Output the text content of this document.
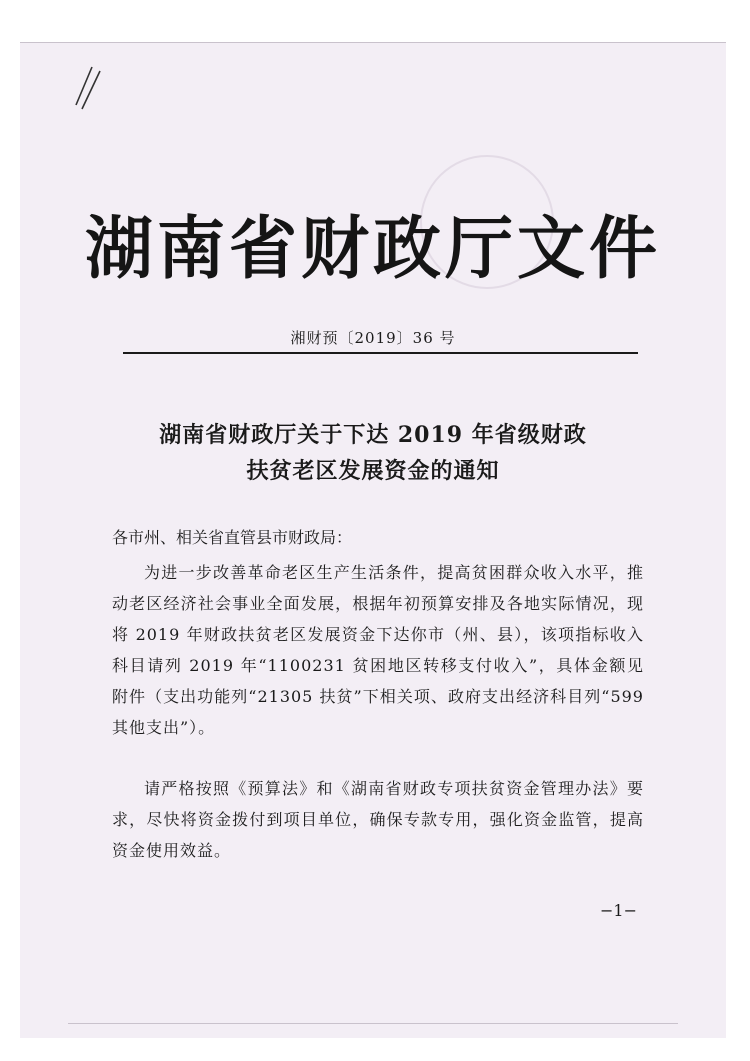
湖南省财政厅文件
湘财预〔2019〕36 号
湖南省财政厅关于下达 2019 年省级财政
扶贫老区发展资金的通知
各市州、相关省直管县市财政局：
为进一步改善革命老区生产生活条件，提高贫困群众收入水平，推动老区经济社会事业全面发展，根据年初预算安排及各地实际情况，现将 2019 年财政扶贫老区发展资金下达你市（州、县），该项指标收入科目请列 2019 年“1100231 贫困地区转移支付收入”，具体金额见附件（支出功能列“21305 扶贫”下相关项、政府支出经济科目列“599 其他支出”）。
请严格按照《预算法》和《湖南省财政专项扶贫资金管理办法》要求，尽快将资金拨付到项目单位，确保专款专用，强化资金监管，提高资金使用效益。
−1−
